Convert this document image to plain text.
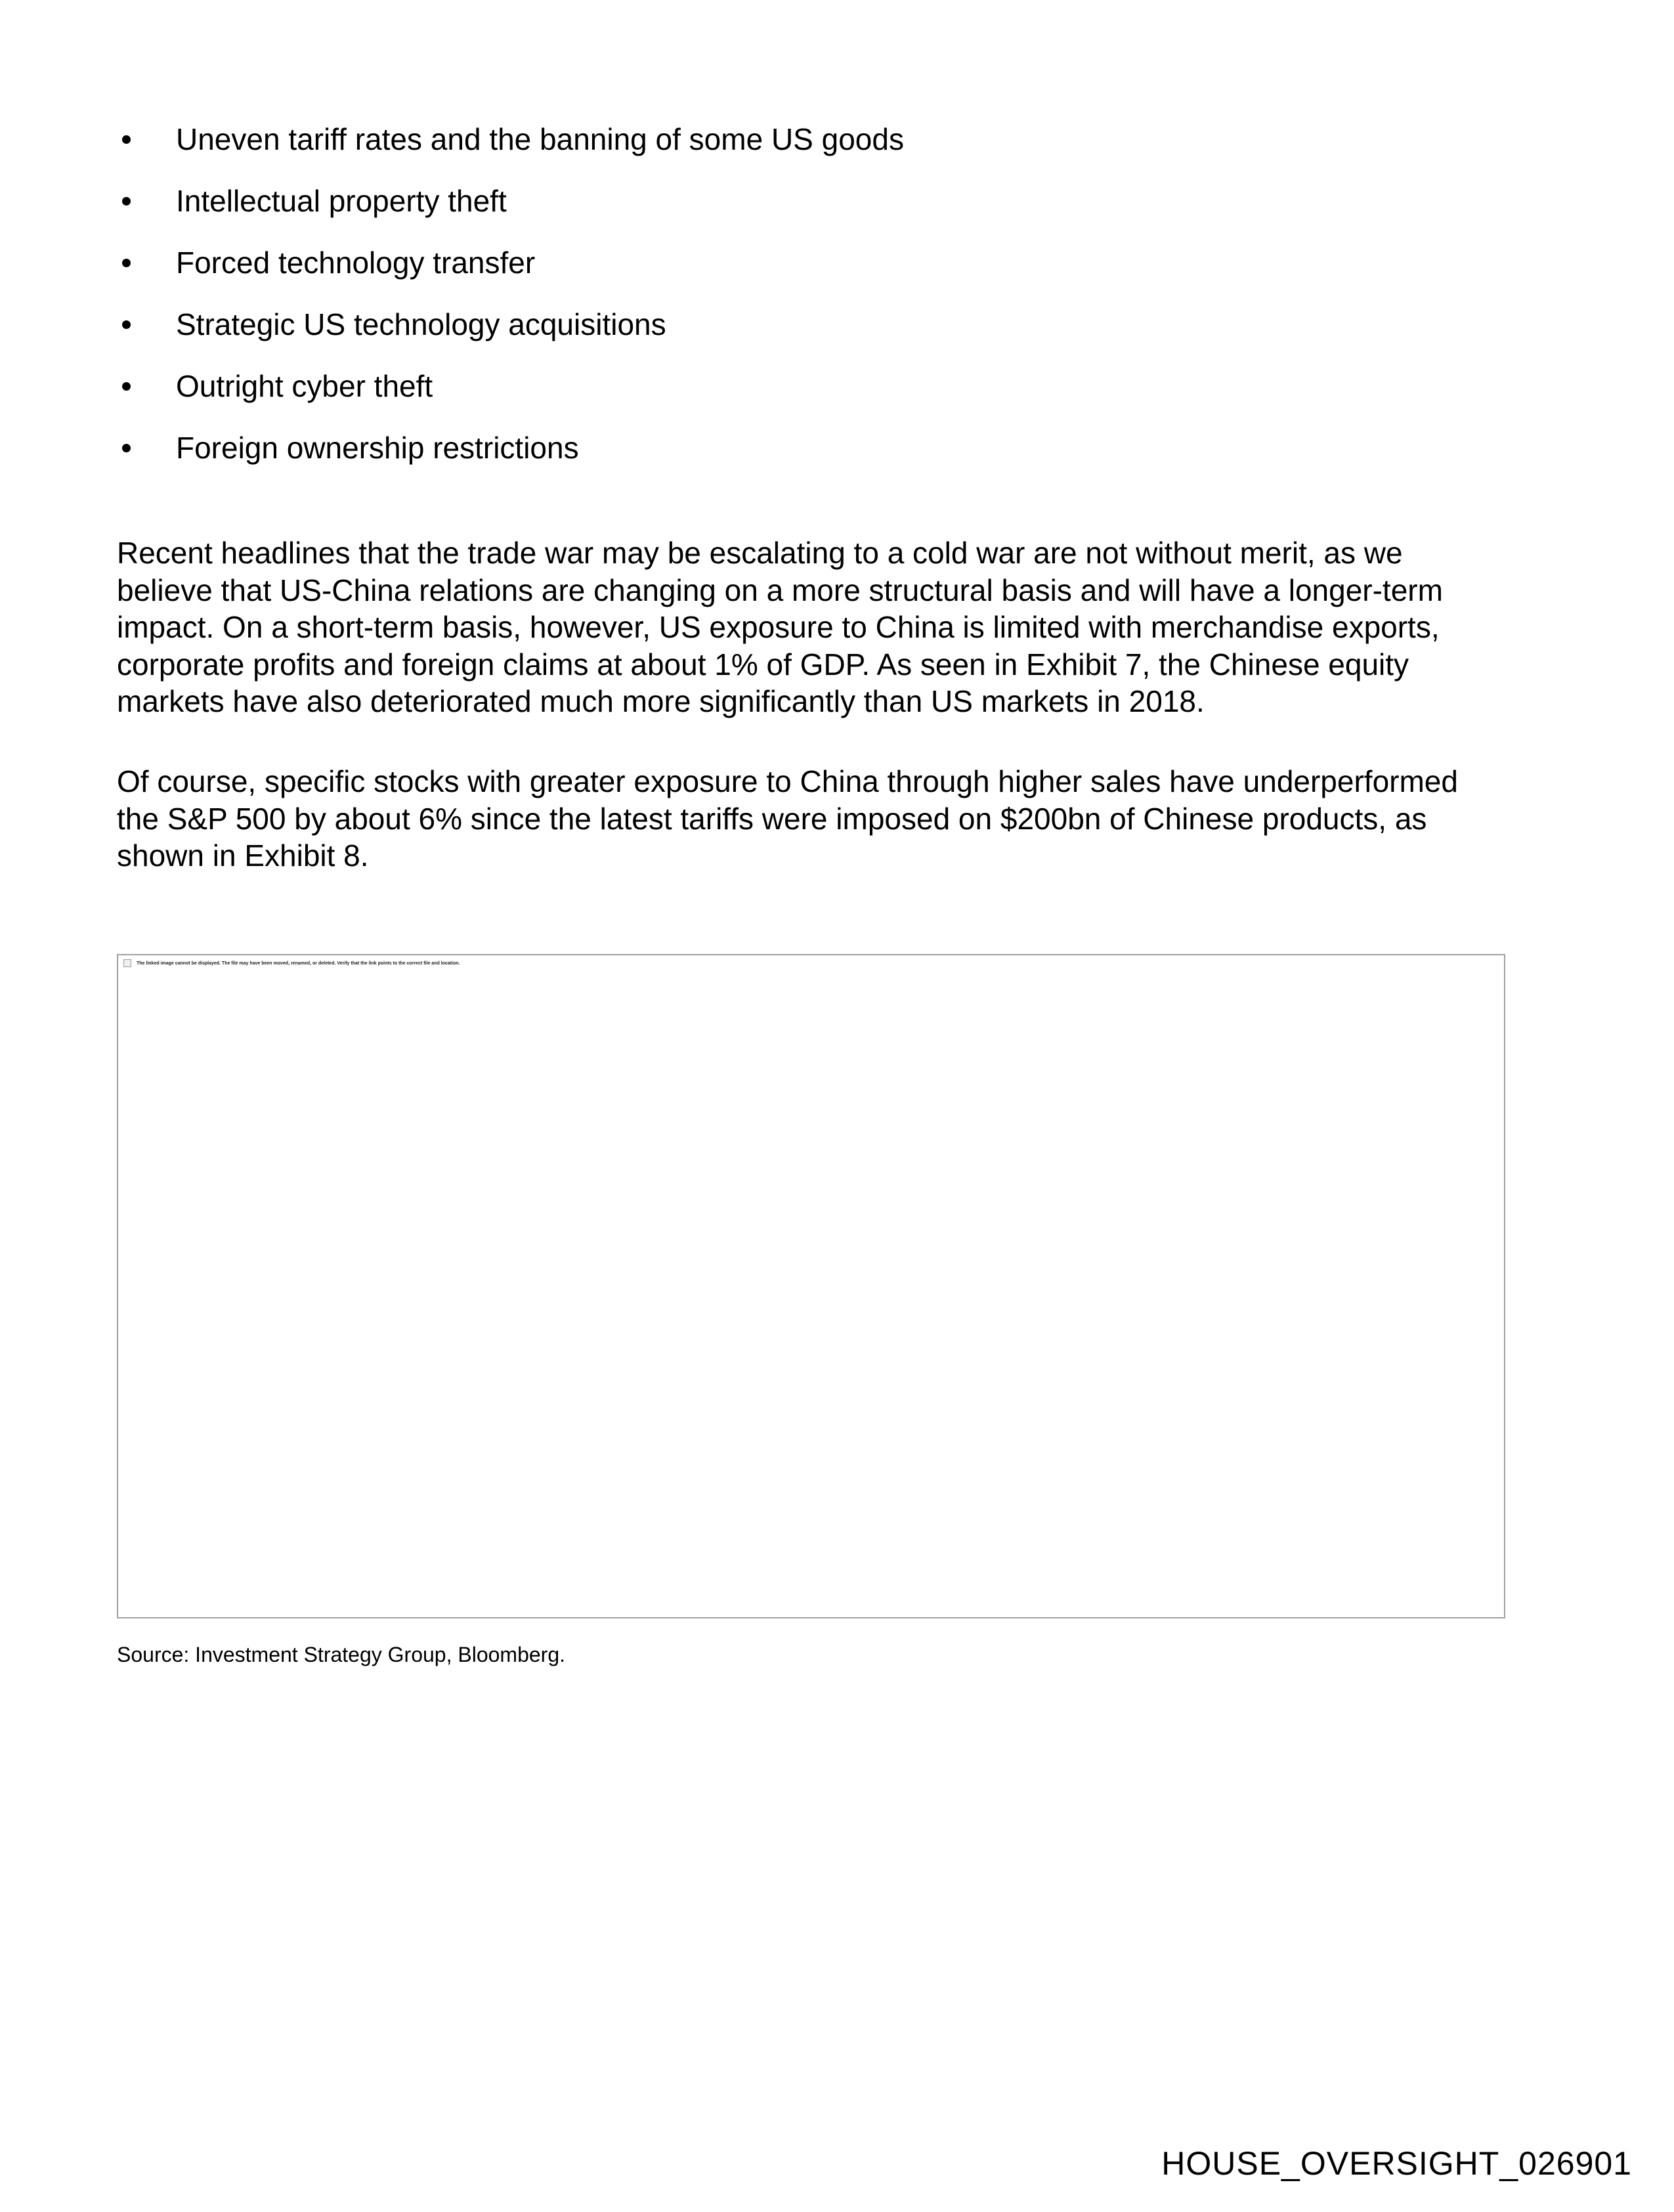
Uneven tariff rates and the banning of some US goods
Intellectual property theft
Forced technology transfer
Strategic US technology acquisitions
Outright cyber theft
Foreign ownership restrictions
Recent headlines that the trade war may be escalating to a cold war are not without merit, as we
believe that US-China relations are changing on a more structural basis and will have a longer-term
impact. On a short-term basis, however, US exposure to China is limited with merchandise exports,
corporate profits and foreign claims at about 1% of GDP. As seen in Exhibit 7, the Chinese equity
markets have also deteriorated much more significantly than US markets in 2018.
Of course, specific stocks with greater exposure to China through higher sales have underperformed
the S&P 500 by about 6% since the latest tariffs were imposed on $200bn of Chinese products, as
shown in Exhibit 8.
The linked image cannot be displayed. The file may have been moved, renamed, or deleted. Verify that the link points to the correct file and location.
Source: Investment Strategy Group, Bloomberg.
HOUSE_OVERSIGHT_026901
